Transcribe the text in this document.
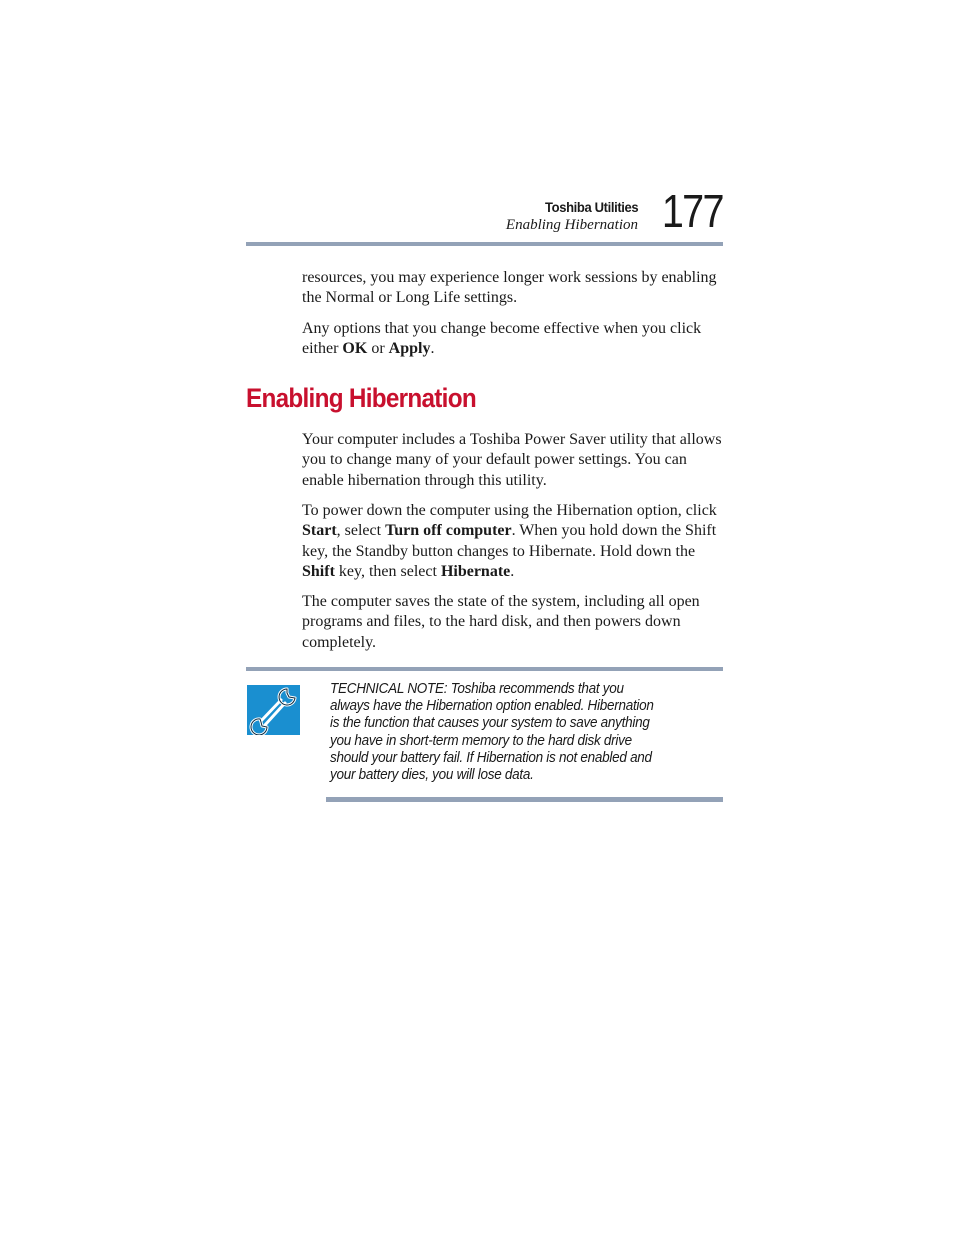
Toshiba Utilities
Enabling Hibernation 177

resources, you may experience longer work sessions by enabling the Normal or Long Life settings.

Any options that you change become effective when you click either OK or Apply.

Enabling Hibernation

Your computer includes a Toshiba Power Saver utility that allows you to change many of your default power settings. You can enable hibernation through this utility.

To power down the computer using the Hibernation option, click Start, select Turn off computer. When you hold down the Shift key, the Standby button changes to Hibernate. Hold down the Shift key, then select Hibernate.

The computer saves the state of the system, including all open programs and files, to the hard disk, and then powers down completely.

TECHNICAL NOTE: Toshiba recommends that you always have the Hibernation option enabled. Hibernation is the function that causes your system to save anything you have in short-term memory to the hard disk drive should your battery fail. If Hibernation is not enabled and your battery dies, you will lose data.
